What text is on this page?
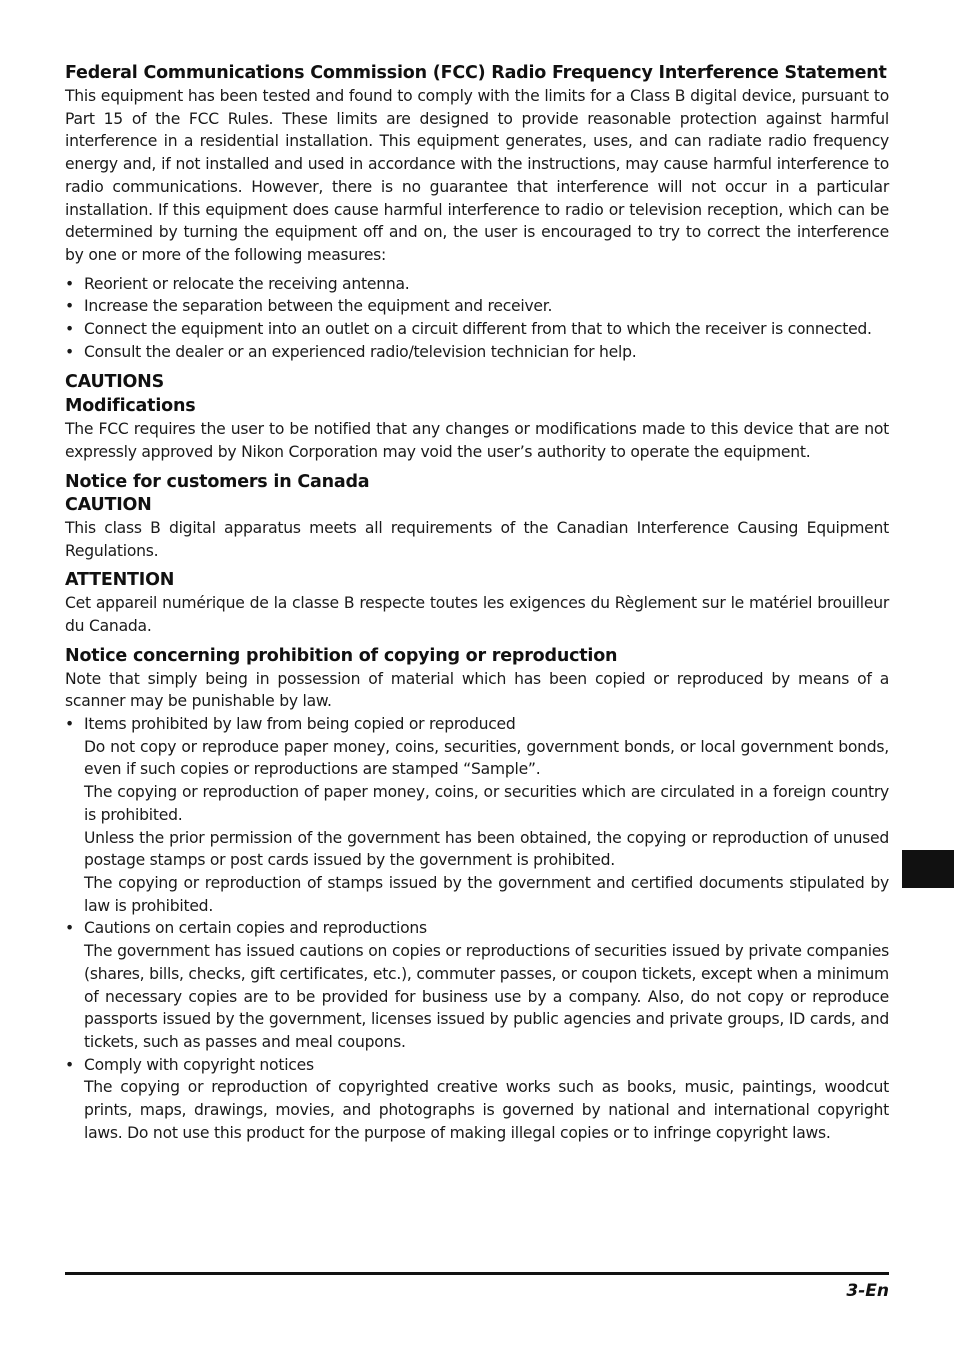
Federal Communications Commission (FCC) Radio Frequency Interference Statement

This equipment has been tested and found to comply with the limits for a Class B digital device, pursuant to Part 15 of the FCC Rules. These limits are designed to provide reasonable protection against harmful interference in a residential installation. This equipment generates, uses, and can radiate radio frequency energy and, if not installed and used in accordance with the instructions, may cause harmful interference to radio communications. However, there is no guarantee that interference will not occur in a particular installation. If this equipment does cause harmful interference to radio or television reception, which can be determined by turning the equipment off and on, the user is encouraged to try to correct the interference by one or more of the following measures:

• Reorient or relocate the receiving antenna.
• Increase the separation between the equipment and receiver.
• Connect the equipment into an outlet on a circuit different from that to which the receiver is connected.
• Consult the dealer or an experienced radio/television technician for help.
CAUTIONS
Modifications

The FCC requires the user to be notified that any changes or modifications made to this device that are not expressly approved by Nikon Corporation may void the user’s authority to operate the equipment.

Notice for customers in Canada
CAUTION

This class B digital apparatus meets all requirements of the Canadian Interference Causing Equipment Regulations.

ATTENTION

Cet appareil numérique de la classe B respecte toutes les exigences du Règlement sur le matériel brouilleur du Canada.

Notice concerning prohibition of copying or reproduction

Note that simply being in possession of material which has been copied or reproduced by means of a scanner may be punishable by law.

• Items prohibited by law from being copied or reproduced
Do not copy or reproduce paper money, coins, securities, government bonds, or local government bonds, even if such copies or reproductions are stamped “Sample”.
The copying or reproduction of paper money, coins, or securities which are circulated in a foreign country is prohibited.
Unless the prior permission of the government has been obtained, the copying or reproduction of unused postage stamps or post cards issued by the government is prohibited.
The copying or reproduction of stamps issued by the government and certified documents stipulated by law is prohibited.
• Cautions on certain copies and reproductions
The government has issued cautions on copies or reproductions of securities issued by private companies (shares, bills, checks, gift certificates, etc.), commuter passes, or coupon tickets, except when a minimum of necessary copies are to be provided for business use by a company. Also, do not copy or reproduce passports issued by the government, licenses issued by public agencies and private groups, ID cards, and tickets, such as passes and meal coupons.
• Comply with copyright notices
The copying or reproduction of copyrighted creative works such as books, music, paintings, woodcut prints, maps, drawings, movies, and photographs is governed by national and international copyright laws. Do not use this product for the purpose of making illegal copies or to infringe copyright laws.
3-En
